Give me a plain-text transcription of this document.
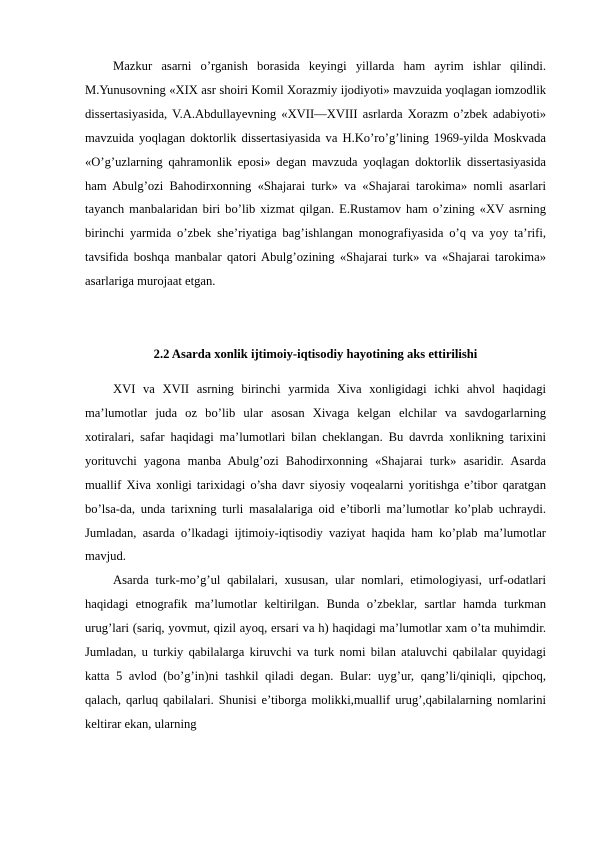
Mazkur asarni o’rganish borasida keyingi yillarda ham ayrim ishlar qilindi. M.Yunusovning «XIX asr shoiri Komil Xorazmiy ijodiyoti» mavzuida yoqlagan iomzodlik dissertasiyasida, V.A.Abdullayevning «XVII—XVIII asrlarda Xorazm o’zbek adabiyoti» mavzuida yoqlagan doktorlik dissertasiyasida va H.Ko’ro’g’lining 1969-yilda Moskvada «O’g’uzlarning qahramonlik eposi» degan mavzuda yoqlagan doktorlik dissertasiyasida ham Abulg’ozi Bahodirxonning «Shajarai turk» va «Shajarai tarokima» nomli asarlari tayanch manbalaridan biri bo’lib xizmat qilgan. E.Rustamov ham o’zining «XV asrning birinchi yarmida o’zbek she’riyatiga bag’ishlangan monografiyasida o’q va yoy ta’rifi, tavsifida boshqa manbalar qatori Abulg’ozining «Shajarai turk» va «Shajarai tarokima» asarlariga murojaat etgan.

2.2 Asarda xonlik ijtimoiy-iqtisodiy hayotining aks ettirilishi

XVI va XVII asrning birinchi yarmida Xiva xonligidagi ichki ahvol haqidagi ma’lumotlar juda oz bo’lib ular asosan Xivaga kelgan elchilar va savdogarlarning xotiralari, safar haqidagi ma’lumotlari bilan cheklangan. Bu davrda xonlikning tarixini yorituvchi yagona manba Abulg’ozi Bahodirxonning «Shajarai turk» asaridir. Asarda muallif Xiva xonligi tarixidagi o’sha davr siyosiy voqealarni yoritishga e’tibor qaratgan bo’lsa-da, unda tarixning turli masalalariga oid e’tiborli ma’lumotlar ko’plab uchraydi. Jumladan, asarda o’lkadagi ijtimoiy-iqtisodiy vaziyat haqida ham ko’plab ma’lumotlar mavjud.

Asarda turk-mo’g’ul qabilalari, xususan, ular nomlari, etimologiyasi, urf-odatlari haqidagi etnografik ma’lumotlar keltirilgan. Bunda o’zbeklar, sartlar hamda turkman urug’lari (sariq, yovmut, qizil ayoq, ersari va h) haqidagi ma’lumotlar xam o’ta muhimdir. Jumladan, u turkiy qabilalarga kiruvchi va turk nomi bilan ataluvchi qabilalar quyidagi katta 5 avlod (bo’g’in)ni tashkil qiladi degan. Bular: uyg’ur, qang’li/qiniqli, qipchoq, qalach, qarluq qabilalari. Shunisi e’tiborga molikki,muallif urug’,qabilalarning nomlarini keltirar ekan, ularning
